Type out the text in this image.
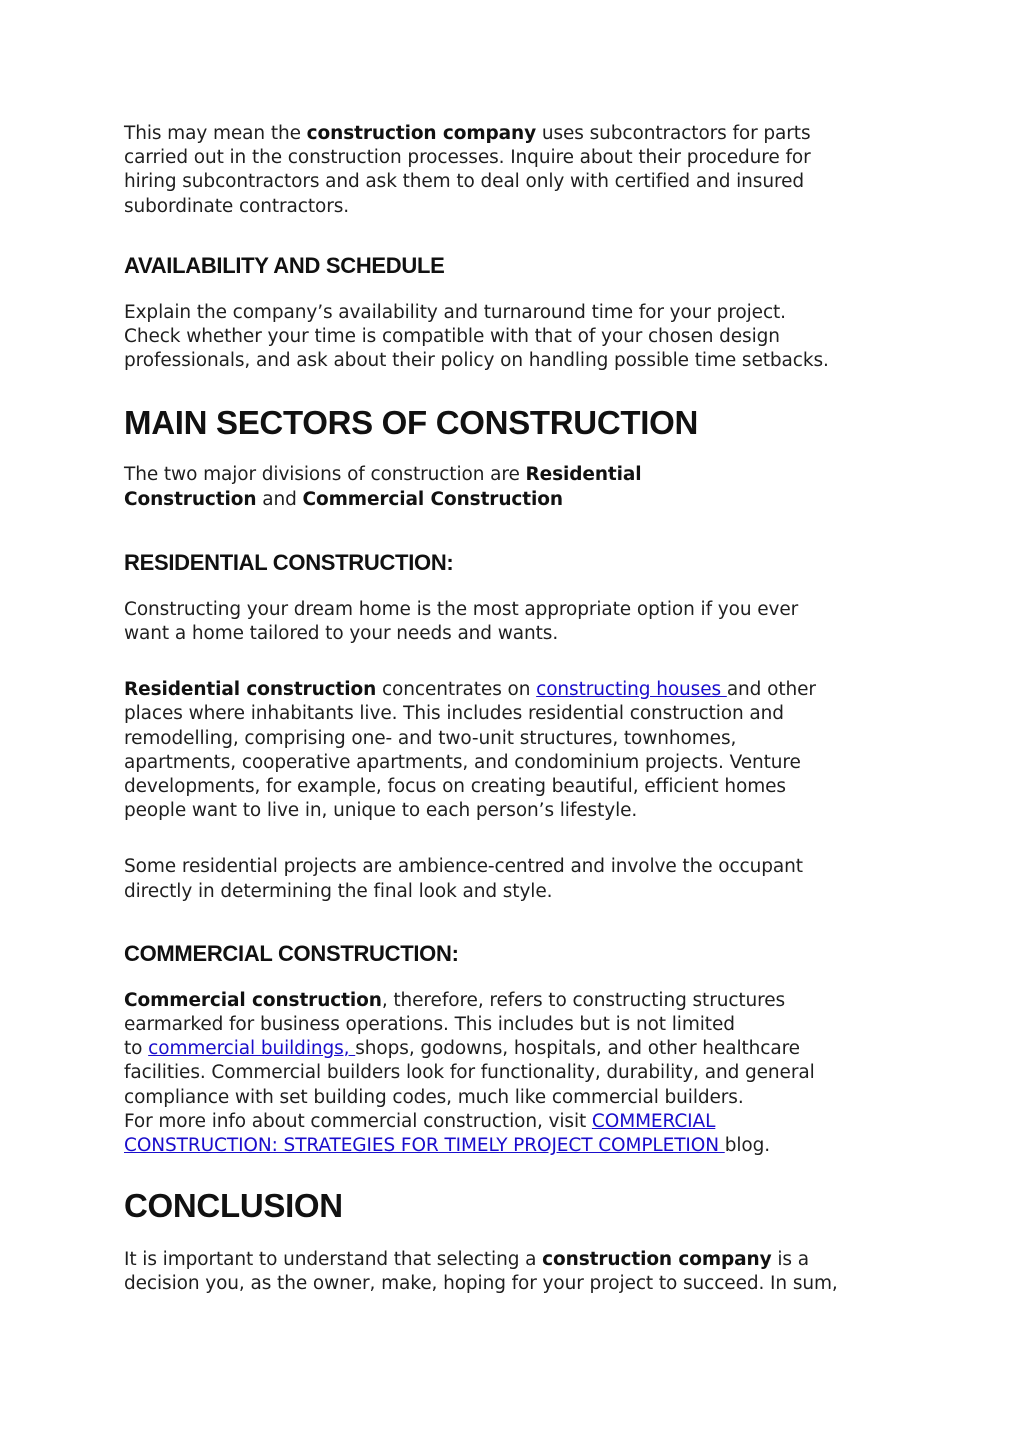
This may mean the construction company uses subcontractors for parts
carried out in the construction processes. Inquire about their procedure for
hiring subcontractors and ask them to deal only with certified and insured
subordinate contractors.

AVAILABILITY AND SCHEDULE

Explain the company’s availability and turnaround time for your project.
Check whether your time is compatible with that of your chosen design
professionals, and ask about their policy on handling possible time setbacks.

MAIN SECTORS OF CONSTRUCTION

The two major divisions of construction are Residential
Construction and Commercial Construction

RESIDENTIAL CONSTRUCTION:

Constructing your dream home is the most appropriate option if you ever
want a home tailored to your needs and wants.

Residential construction concentrates on constructing houses and other
places where inhabitants live. This includes residential construction and
remodelling, comprising one- and two-unit structures, townhomes,
apartments, cooperative apartments, and condominium projects. Venture
developments, for example, focus on creating beautiful, efficient homes
people want to live in, unique to each person’s lifestyle.

Some residential projects are ambience-centred and involve the occupant
directly in determining the final look and style.

COMMERCIAL CONSTRUCTION:

Commercial construction, therefore, refers to constructing structures
earmarked for business operations. This includes but is not limited
to commercial buildings, shops, godowns, hospitals, and other healthcare
facilities. Commercial builders look for functionality, durability, and general
compliance with set building codes, much like commercial builders.
For more info about commercial construction, visit COMMERCIAL
CONSTRUCTION: STRATEGIES FOR TIMELY PROJECT COMPLETION blog.

CONCLUSION

It is important to understand that selecting a construction company is a
decision you, as the owner, make, hoping for your project to succeed. In sum,
